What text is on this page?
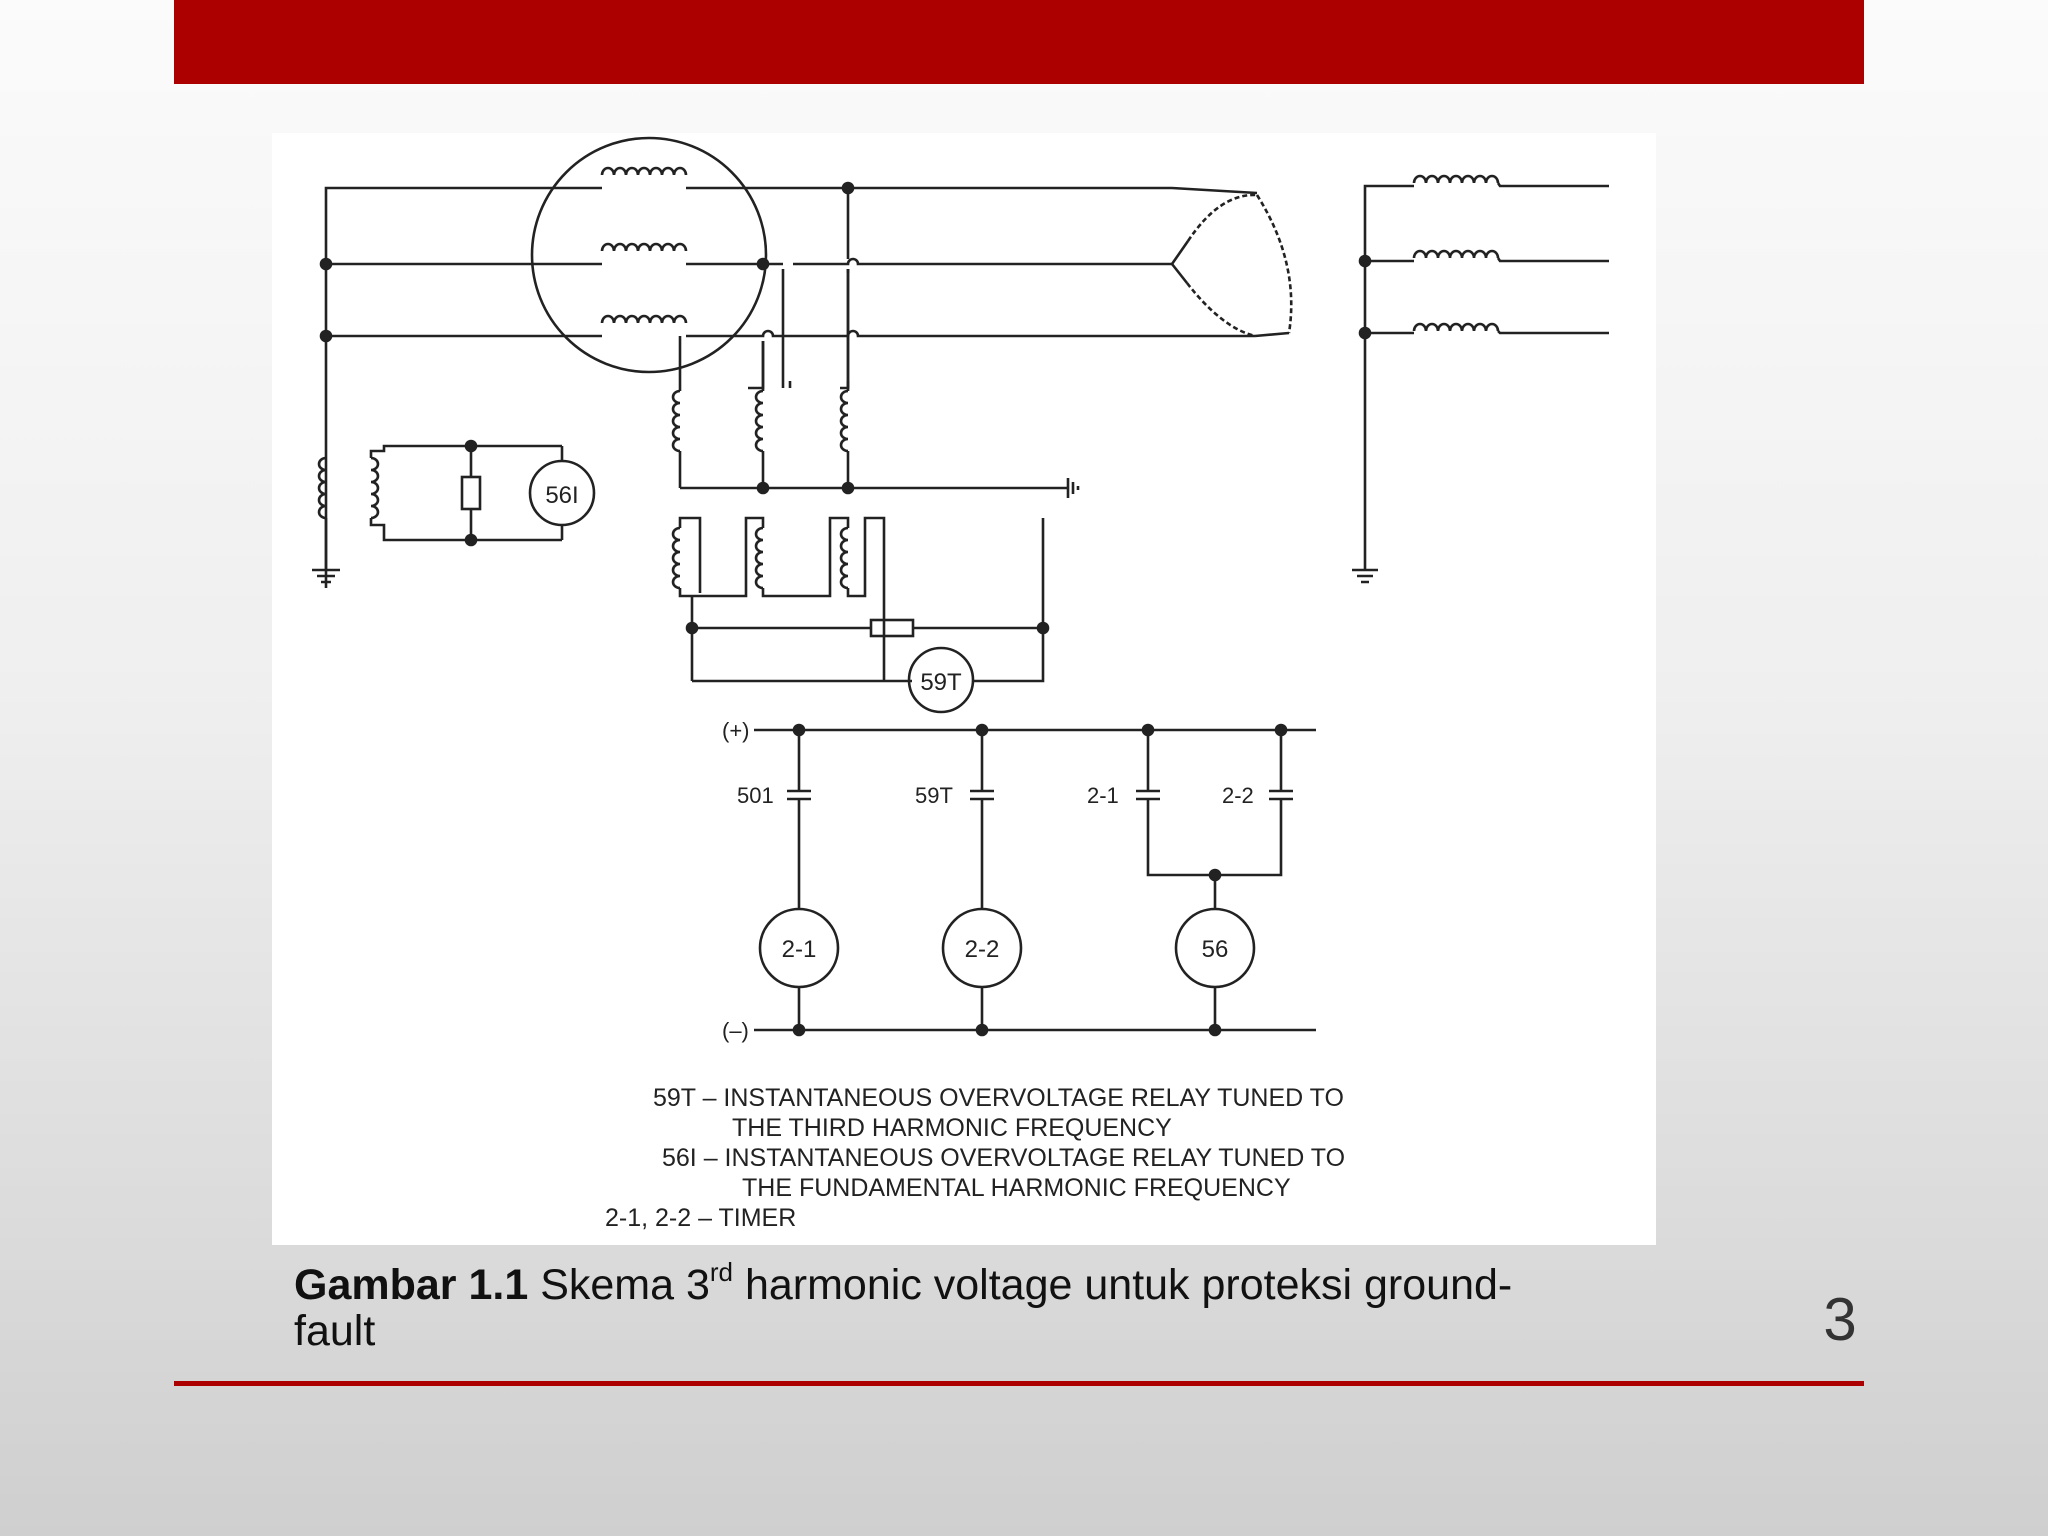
56I
59T
(+)
(–)
501	59T	2-1	2-2
2-1	2-2	56
59T – INSTANTANEOUS OVERVOLTAGE RELAY TUNED TO
THE THIRD HARMONIC FREQUENCY
56I – INSTANTANEOUS OVERVOLTAGE RELAY TUNED TO
THE FUNDAMENTAL HARMONIC FREQUENCY
2-1, 2-2 – TIMER
Gambar 1.1 Skema 3rd harmonic voltage untuk proteksi ground-
fault	3
